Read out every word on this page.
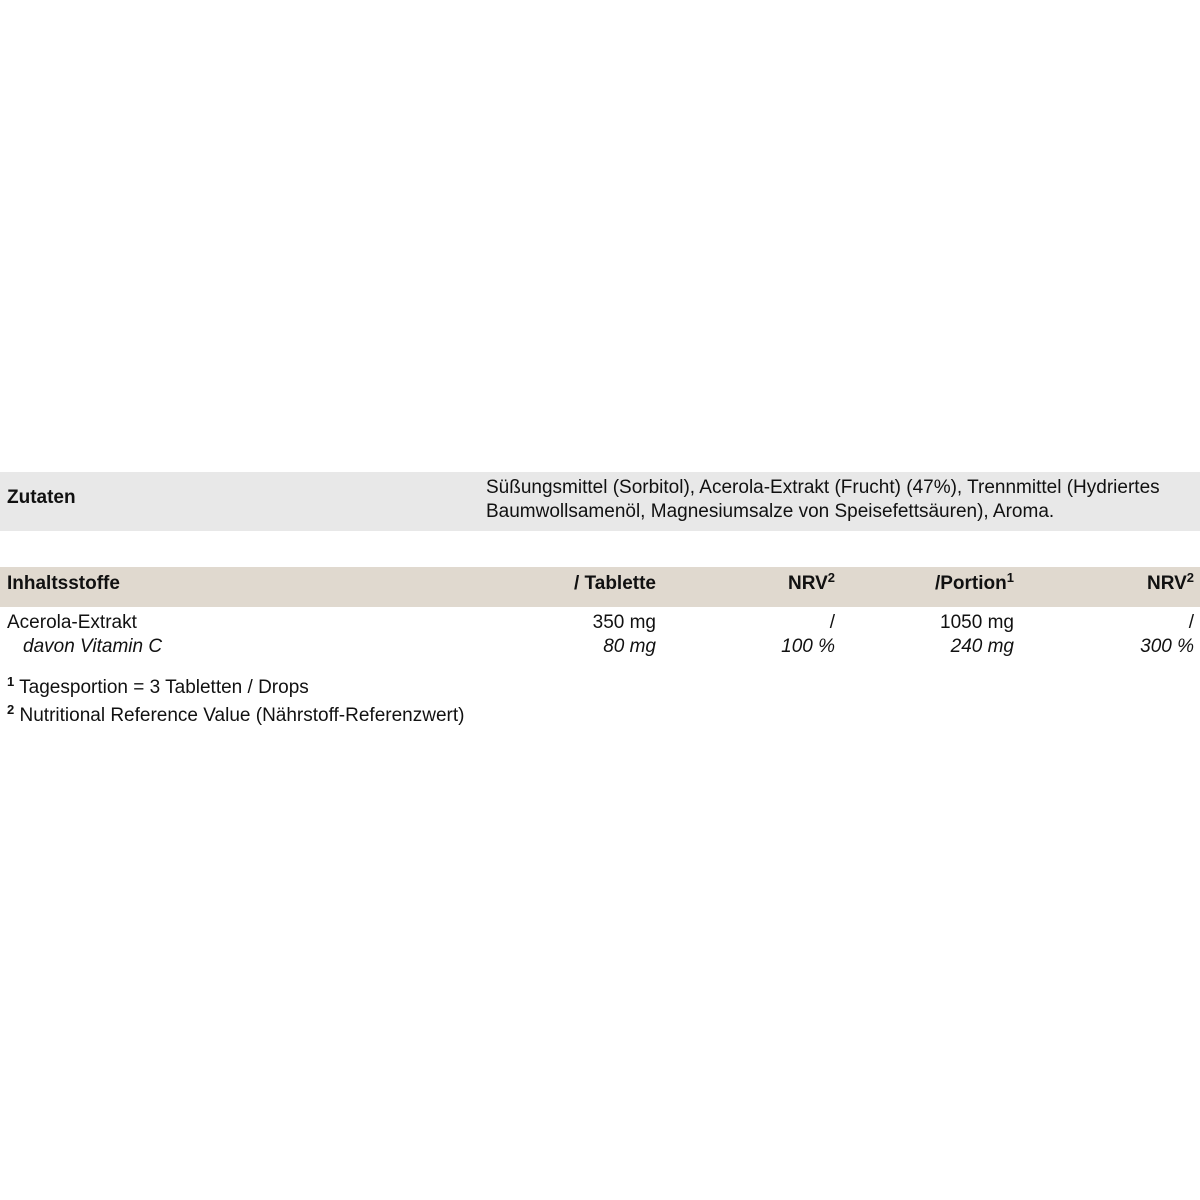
Zutaten	Süßungsmittel (Sorbitol), Acerola-Extrakt (Frucht) (47%), Trennmittel (Hydriertes Baumwollsamenöl, Magnesiumsalze von Speisefettsäuren), Aroma.
Inhaltsstoffe	/ Tablette	NRV$^2$	/Portion$^1$	NRV$^2$
Acerola-Extrakt	350 mg	/	1050 mg	/
davon Vitamin C	80 mg	100 %	240 mg	300 %
$^1$ Tagesportion = 3 Tabletten / Drops
$^2$ Nutritional Reference Value (Nährstoff-Referenzwert)
